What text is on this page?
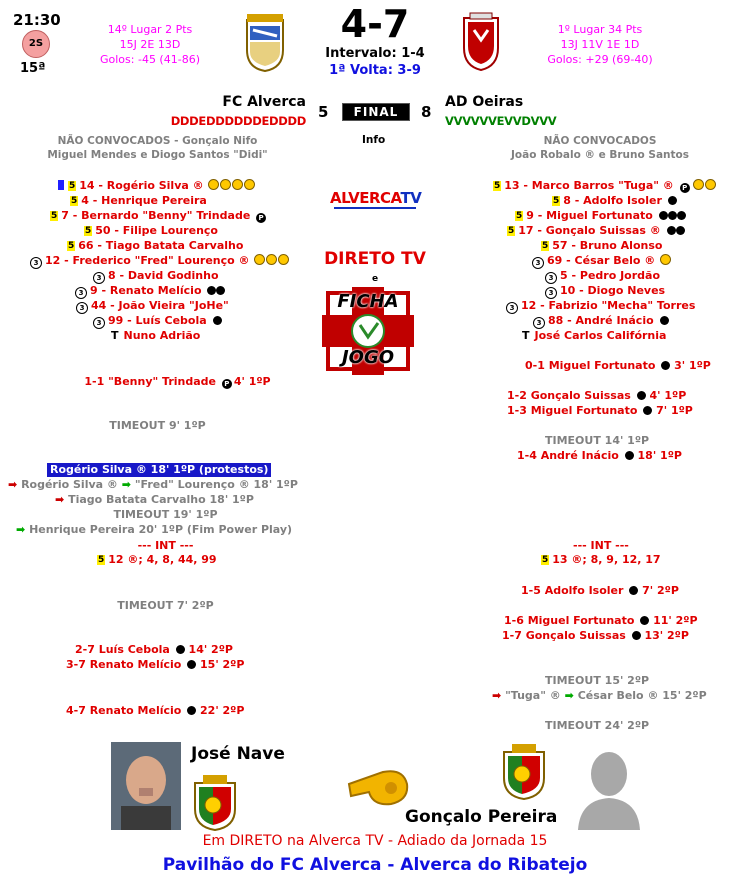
21:30
2S
15ª
14º Lugar 2 Pts
15J 2E 13D
Golos: -45 (41-86)
4-7
Intervalo: 1-4
1ª Volta: 3-9
1º Lugar 34 Pts
13J 11V 1E 1D
Golos: +29 (69-40)
FC Alverca
5	FINAL	8
AD Oeiras
DDDEDDDDDDEDDDD	VVVVVVEVVDVVV
Info
NÃO CONVOCADOS - Gonçalo Nifo
Miguel Mendes e Diogo Santos "Didi"
NÃO CONVOCADOS
João Robalo ® e Bruno Santos
5 14 - Rogério Silva ®
5 4 - Henrique Pereira
5 7 - Bernardo "Benny" Trindade P
5 50 - Filipe Lourenço
5 66 - Tiago Batata Carvalho
3 12 - Frederico "Fred" Lourenço ®
3 8 - David Godinho
3 9 - Renato Melício
3 44 - João Vieira "JoHe"
3 99 - Luís Cebola
T Nuno Adrião
5 13 - Marco Barros "Tuga" ® P
5 8 - Adolfo Isoler
5 9 - Miguel Fortunato
5 17 - Gonçalo Suissas ®
5 57 - Bruno Alonso
3 69 - César Belo ®
3 5 - Pedro Jordão
3 10 - Diogo Neves
3 12 - Fabrizio "Mecha" Torres
3 88 - André Inácio
T José Carlos Califórnia
ALVERCATV
DIRETO TV
e
FICHA
JOGO
1-1 "Benny" Trindade P 4' 1ºP
TIMEOUT 9' 1ºP
Rogério Silva ® 18' 1ºP (protestos)
➡ Rogério Silva ® ➡ "Fred" Lourenço ® 18' 1ºP
➡ Tiago Batata Carvalho 18' 1ºP
TIMEOUT 19' 1ºP
➡ Henrique Pereira 20' 1ºP (Fim Power Play)
--- INT ---
5 12 ®; 4, 8, 44, 99
TIMEOUT 7' 2ºP
2-7 Luís Cebola 14' 2ºP
3-7 Renato Melício 15' 2ºP
4-7 Renato Melício 22' 2ºP
0-1 Miguel Fortunato 3' 1ºP
1-2 Gonçalo Suissas 4' 1ºP
1-3 Miguel Fortunato 7' 1ºP
TIMEOUT 14' 1ºP
1-4 André Inácio 18' 1ºP
--- INT ---
5 13 ®; 8, 9, 12, 17
1-5 Adolfo Isoler 7' 2ºP
1-6 Miguel Fortunato 11' 2ºP
1-7 Gonçalo Suissas 13' 2ºP
TIMEOUT 15' 2ºP
➡ "Tuga" ® ➡ César Belo ® 15' 2ºP
TIMEOUT 24' 2ºP
José Nave
Gonçalo Pereira
Em DIRETO na Alverca TV - Adiado da Jornada 15
Pavilhão do FC Alverca - Alverca do Ribatejo
